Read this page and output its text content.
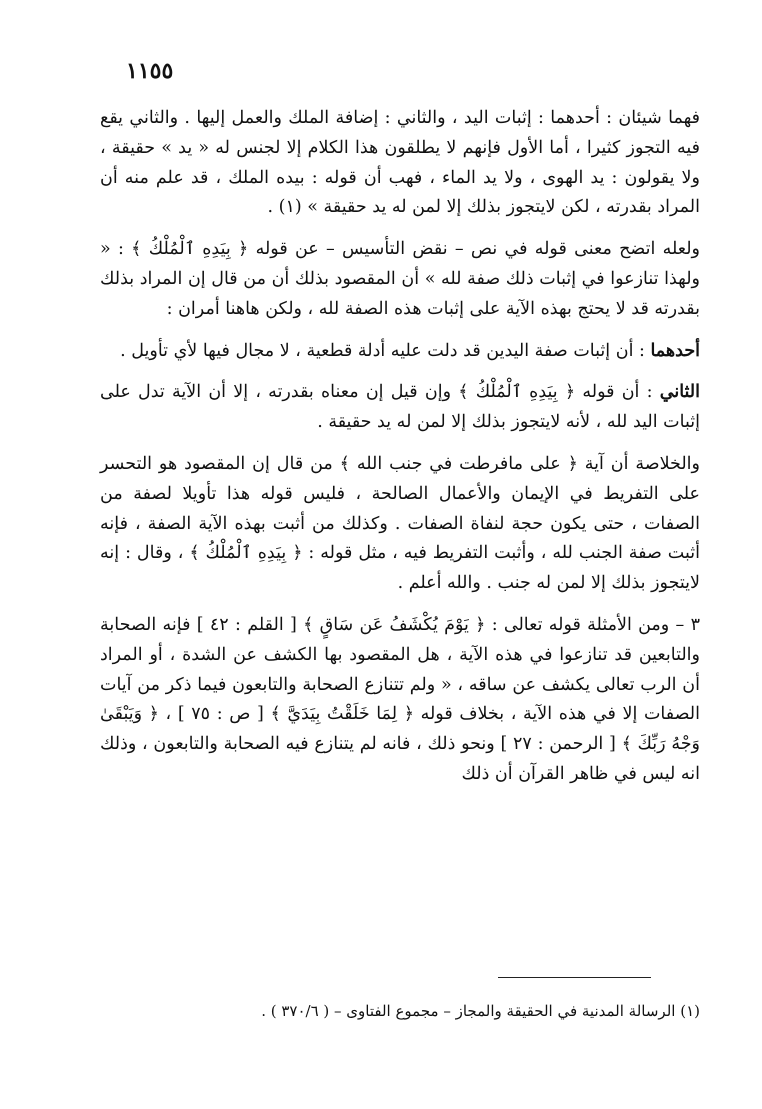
١١٥٥

فهما شيئان : أحدهما : إثبات اليد ، والثاني : إضافة الملك والعمل إليها . والثاني يقع فيه التجوز كثيرا ، أما الأول فإنهم لا يطلقون هذا الكلام إلا لجنس له « يد » حقيقة ، ولا يقولون : يد الهوى ، ولا يد الماء ، فهب أن قوله : بيده الملك ، قد علم منه أن المراد بقدرته ، لكن لايتجوز بذلك إلا لمن له يد حقيقة » (١) .

ولعله اتضح معنى قوله في نص – نقض التأسيس – عن قوله ﴿ بِيَدِهِ ٱلْمُلْكُ ﴾ : « ولهذا تنازعوا في إثبات ذلك صفة لله » أن المقصود بذلك أن من قال إن المراد بذلك بقدرته قد لا يحتج بهذه الآية على إثبات هذه الصفة لله ، ولكن هاهنا أمران :

أحدهما : أن إثبات صفة اليدين قد دلت عليه أدلة قطعية ، لا مجال فيها لأي تأويل .

الثاني : أن قوله ﴿ بِيَدِهِ ٱلْمُلْكُ ﴾ وإن قيل إن معناه بقدرته ، إلا أن الآية تدل على إثبات اليد لله ، لأنه لايتجوز بذلك إلا لمن له يد حقيقة .

والخلاصة أن آية ﴿ على مافرطت في جنب الله ﴾ من قال إن المقصود هو التحسر على التفريط في الإيمان والأعمال الصالحة ، فليس قوله هذا تأويلا لصفة من الصفات ، حتى يكون حجة لنفاة الصفات . وكذلك من أثبت بهذه الآية الصفة ، فإنه أثبت صفة الجنب لله ، وأثبت التفريط فيه ، مثل قوله : ﴿ بِيَدِهِ ٱلْمُلْكُ ﴾ ، وقال : إنه لايتجوز بذلك إلا لمن له جنب . والله أعلم .

٣ – ومن الأمثلة قوله تعالى : ﴿ يَوْمَ يُكْشَفُ عَن سَاقٍ ﴾ [ القلم : ٤٢ ] فإنه الصحابة والتابعين قد تنازعوا في هذه الآية ، هل المقصود بها الكشف عن الشدة ، أو المراد أن الرب تعالى يكشف عن ساقه ، « ولم تتنازع الصحابة والتابعون فيما ذكر من آيات الصفات إلا في هذه الآية ، بخلاف قوله ﴿ لِمَا خَلَقْتُ بِيَدَيَّ ﴾ [ ص : ٧٥ ] ، ﴿ وَيَبْقَىٰ وَجْهُ رَبِّكَ ﴾ [ الرحمن : ٢٧ ] ونحو ذلك ، فانه لم يتنازع فيه الصحابة والتابعون ، وذلك انه ليس في ظاهر القرآن أن ذلك

(١) الرسالة المدنية في الحقيقة والمجاز – مجموع الفتاوى – ( ٣٧٠/٦ ) .
